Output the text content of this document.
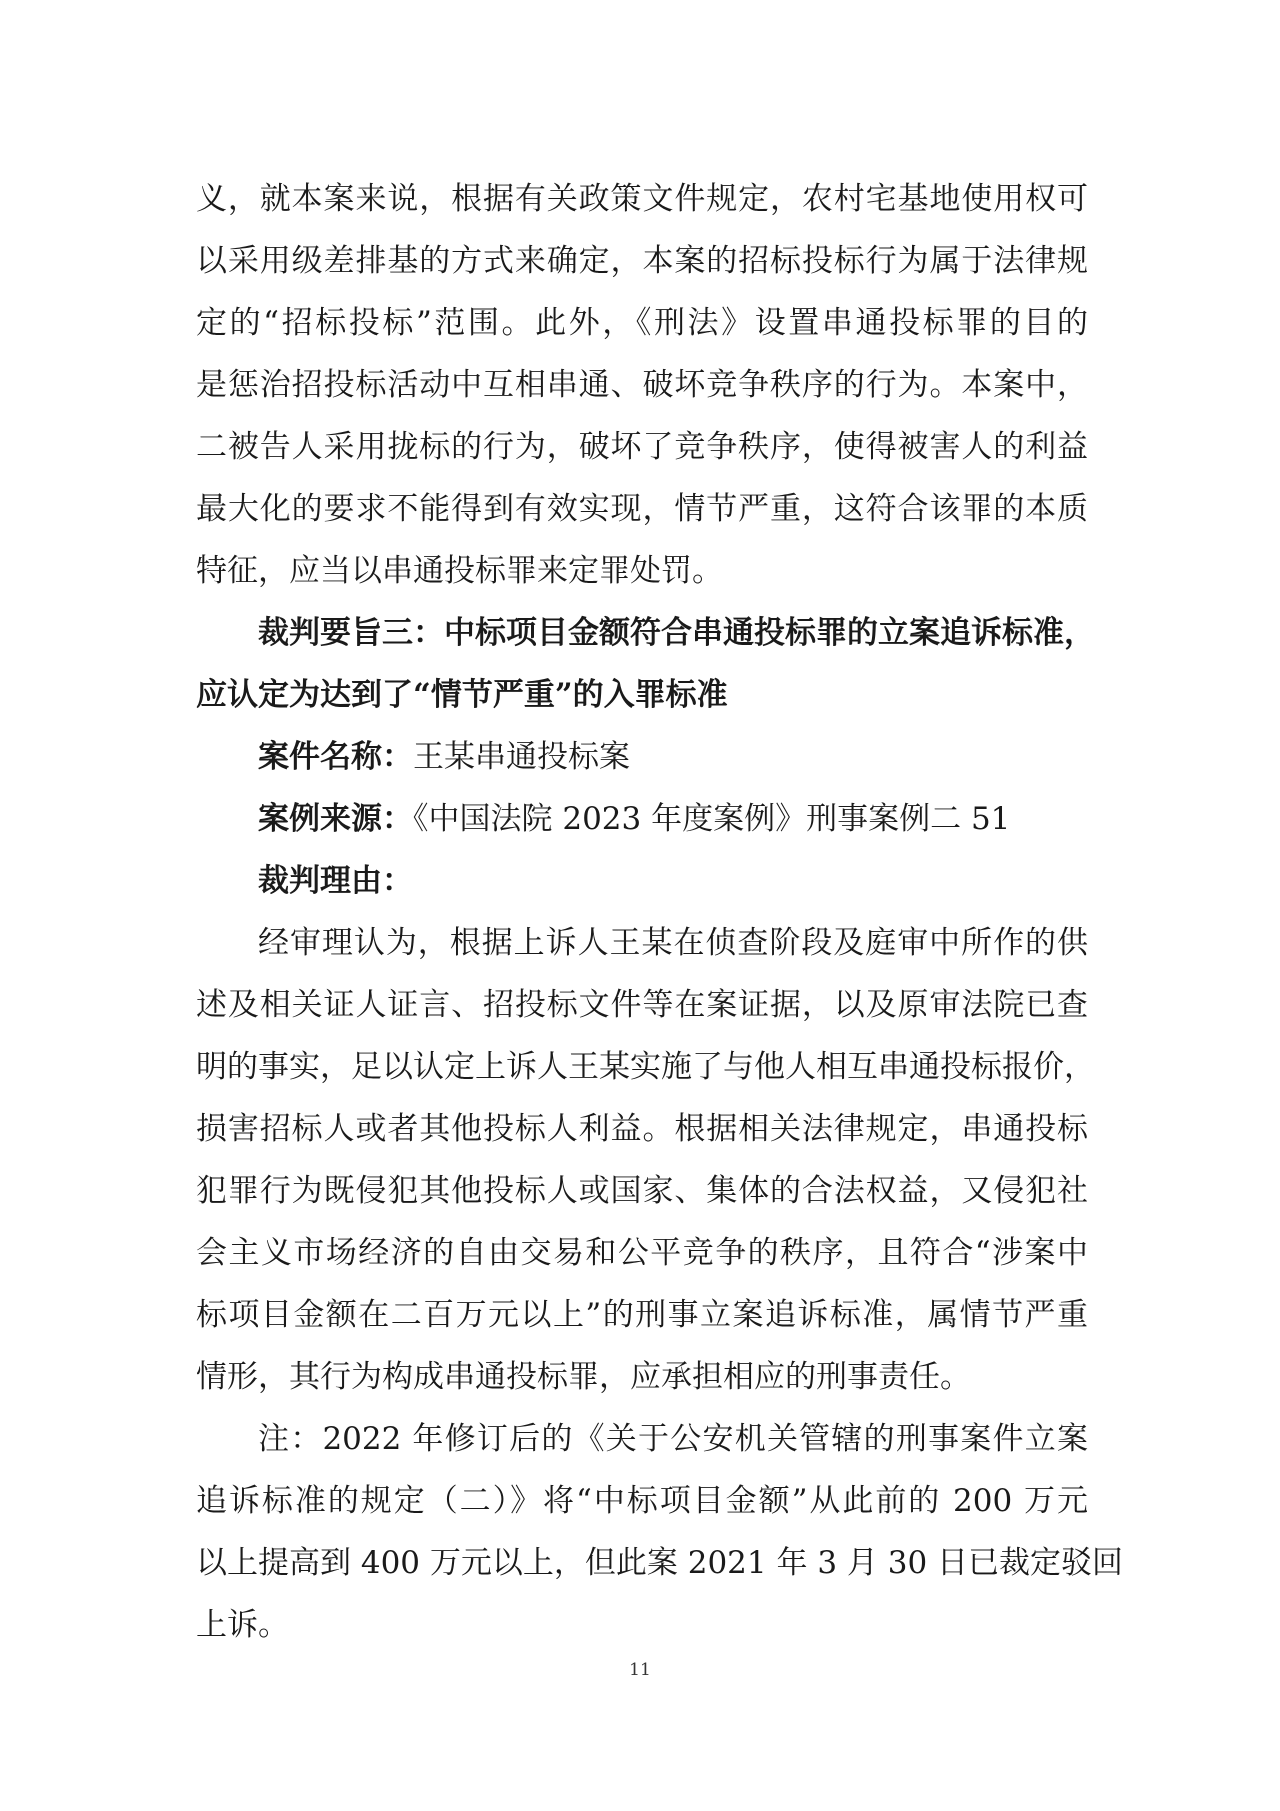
义，就本案来说，根据有关政策文件规定，农村宅基地使用权可
以采用级差排基的方式来确定，本案的招标投标行为属于法律规
定的“招标投标”范围。此外，《刑法》设置串通投标罪的目的
是惩治招投标活动中互相串通、破坏竞争秩序的行为。本案中，
二被告人采用拢标的行为，破坏了竞争秩序，使得被害人的利益
最大化的要求不能得到有效实现，情节严重，这符合该罪的本质
特征，应当以串通投标罪来定罪处罚。
裁判要旨三：中标项目金额符合串通投标罪的立案追诉标准，
应认定为达到了“情节严重”的入罪标准
案件名称：王某串通投标案
案例来源：《中国法院 2023 年度案例》刑事案例二 51
裁判理由：
经审理认为，根据上诉人王某在侦查阶段及庭审中所作的供
述及相关证人证言、招投标文件等在案证据，以及原审法院已查
明的事实，足以认定上诉人王某实施了与他人相互串通投标报价，
损害招标人或者其他投标人利益。根据相关法律规定，串通投标
犯罪行为既侵犯其他投标人或国家、集体的合法权益，又侵犯社
会主义市场经济的自由交易和公平竞争的秩序，且符合“涉案中
标项目金额在二百万元以上”的刑事立案追诉标准，属情节严重
情形，其行为构成串通投标罪，应承担相应的刑事责任。
注：2022 年修订后的《关于公安机关管辖的刑事案件立案
追诉标准的规定（二）》将“中标项目金额”从此前的 200 万元
以上提高到 400 万元以上，但此案 2021 年 3 月 30 日已裁定驳回
上诉。
11
